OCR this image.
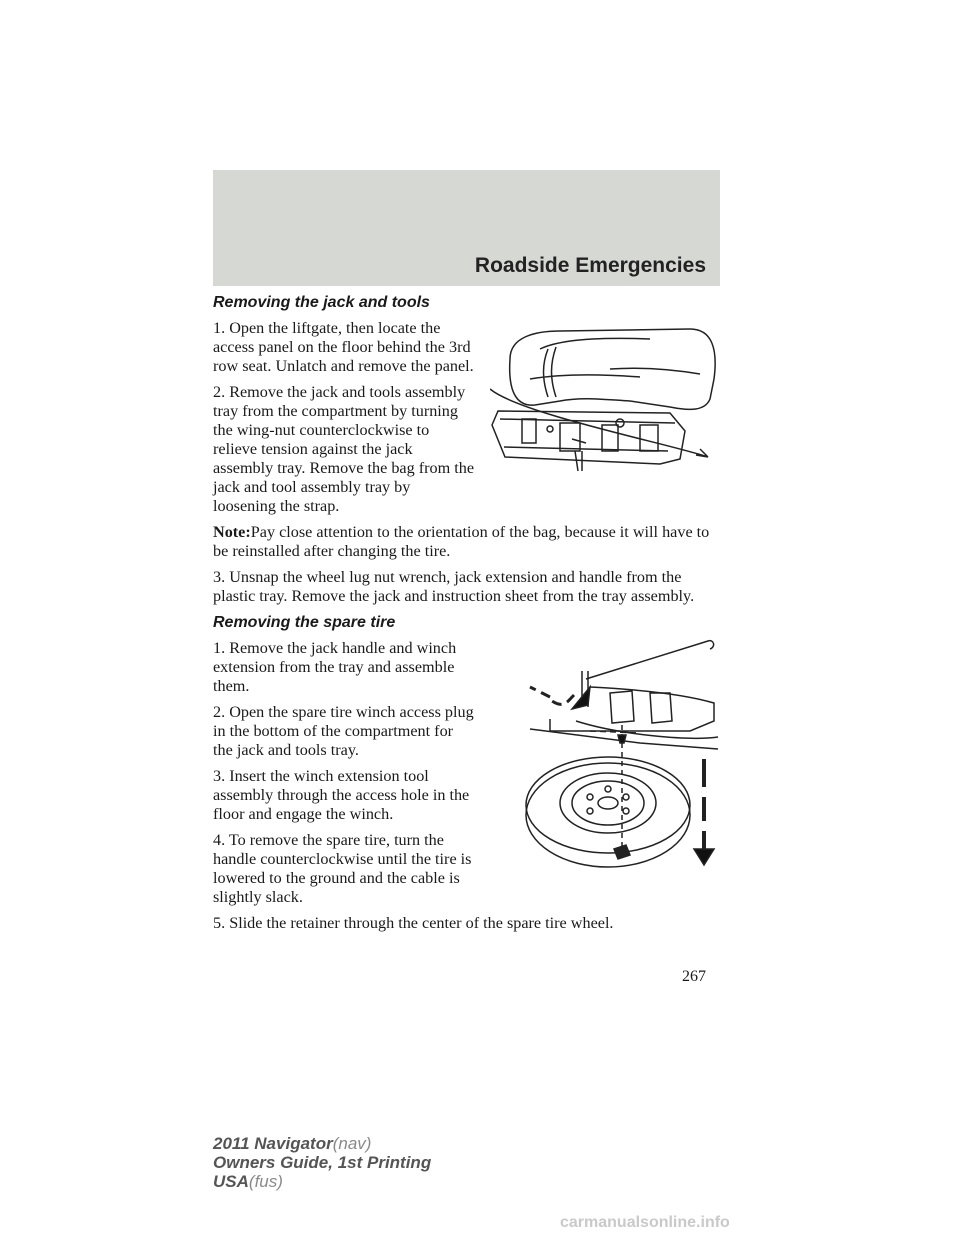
Roadside Emergencies
Removing the jack and tools

1. Open the liftgate, then locate the access panel on the floor behind the 3rd row seat. Unlatch and remove the panel.

2. Remove the jack and tools assembly tray from the compartment by turning the wing-nut counterclockwise to relieve tension against the jack assembly tray. Remove the bag from the jack and tool assembly tray by loosening the strap.

Note:Pay close attention to the orientation of the bag, because it will have to be reinstalled after changing the tire.

3. Unsnap the wheel lug nut wrench, jack extension and handle from the plastic tray. Remove the jack and instruction sheet from the tray assembly.

Removing the spare tire

1. Remove the jack handle and winch extension from the tray and assemble them.

2. Open the spare tire winch access plug in the bottom of the compartment for the jack and tools tray.

3. Insert the winch extension tool assembly through the access hole in the floor and engage the winch.

4. To remove the spare tire, turn the handle counterclockwise until the tire is lowered to the ground and the cable is slightly slack.

5. Slide the retainer through the center of the spare tire wheel.

267
2011 Navigator(nav)
Owners Guide, 1st Printing
USA(fus)
carmanualsonline.info
